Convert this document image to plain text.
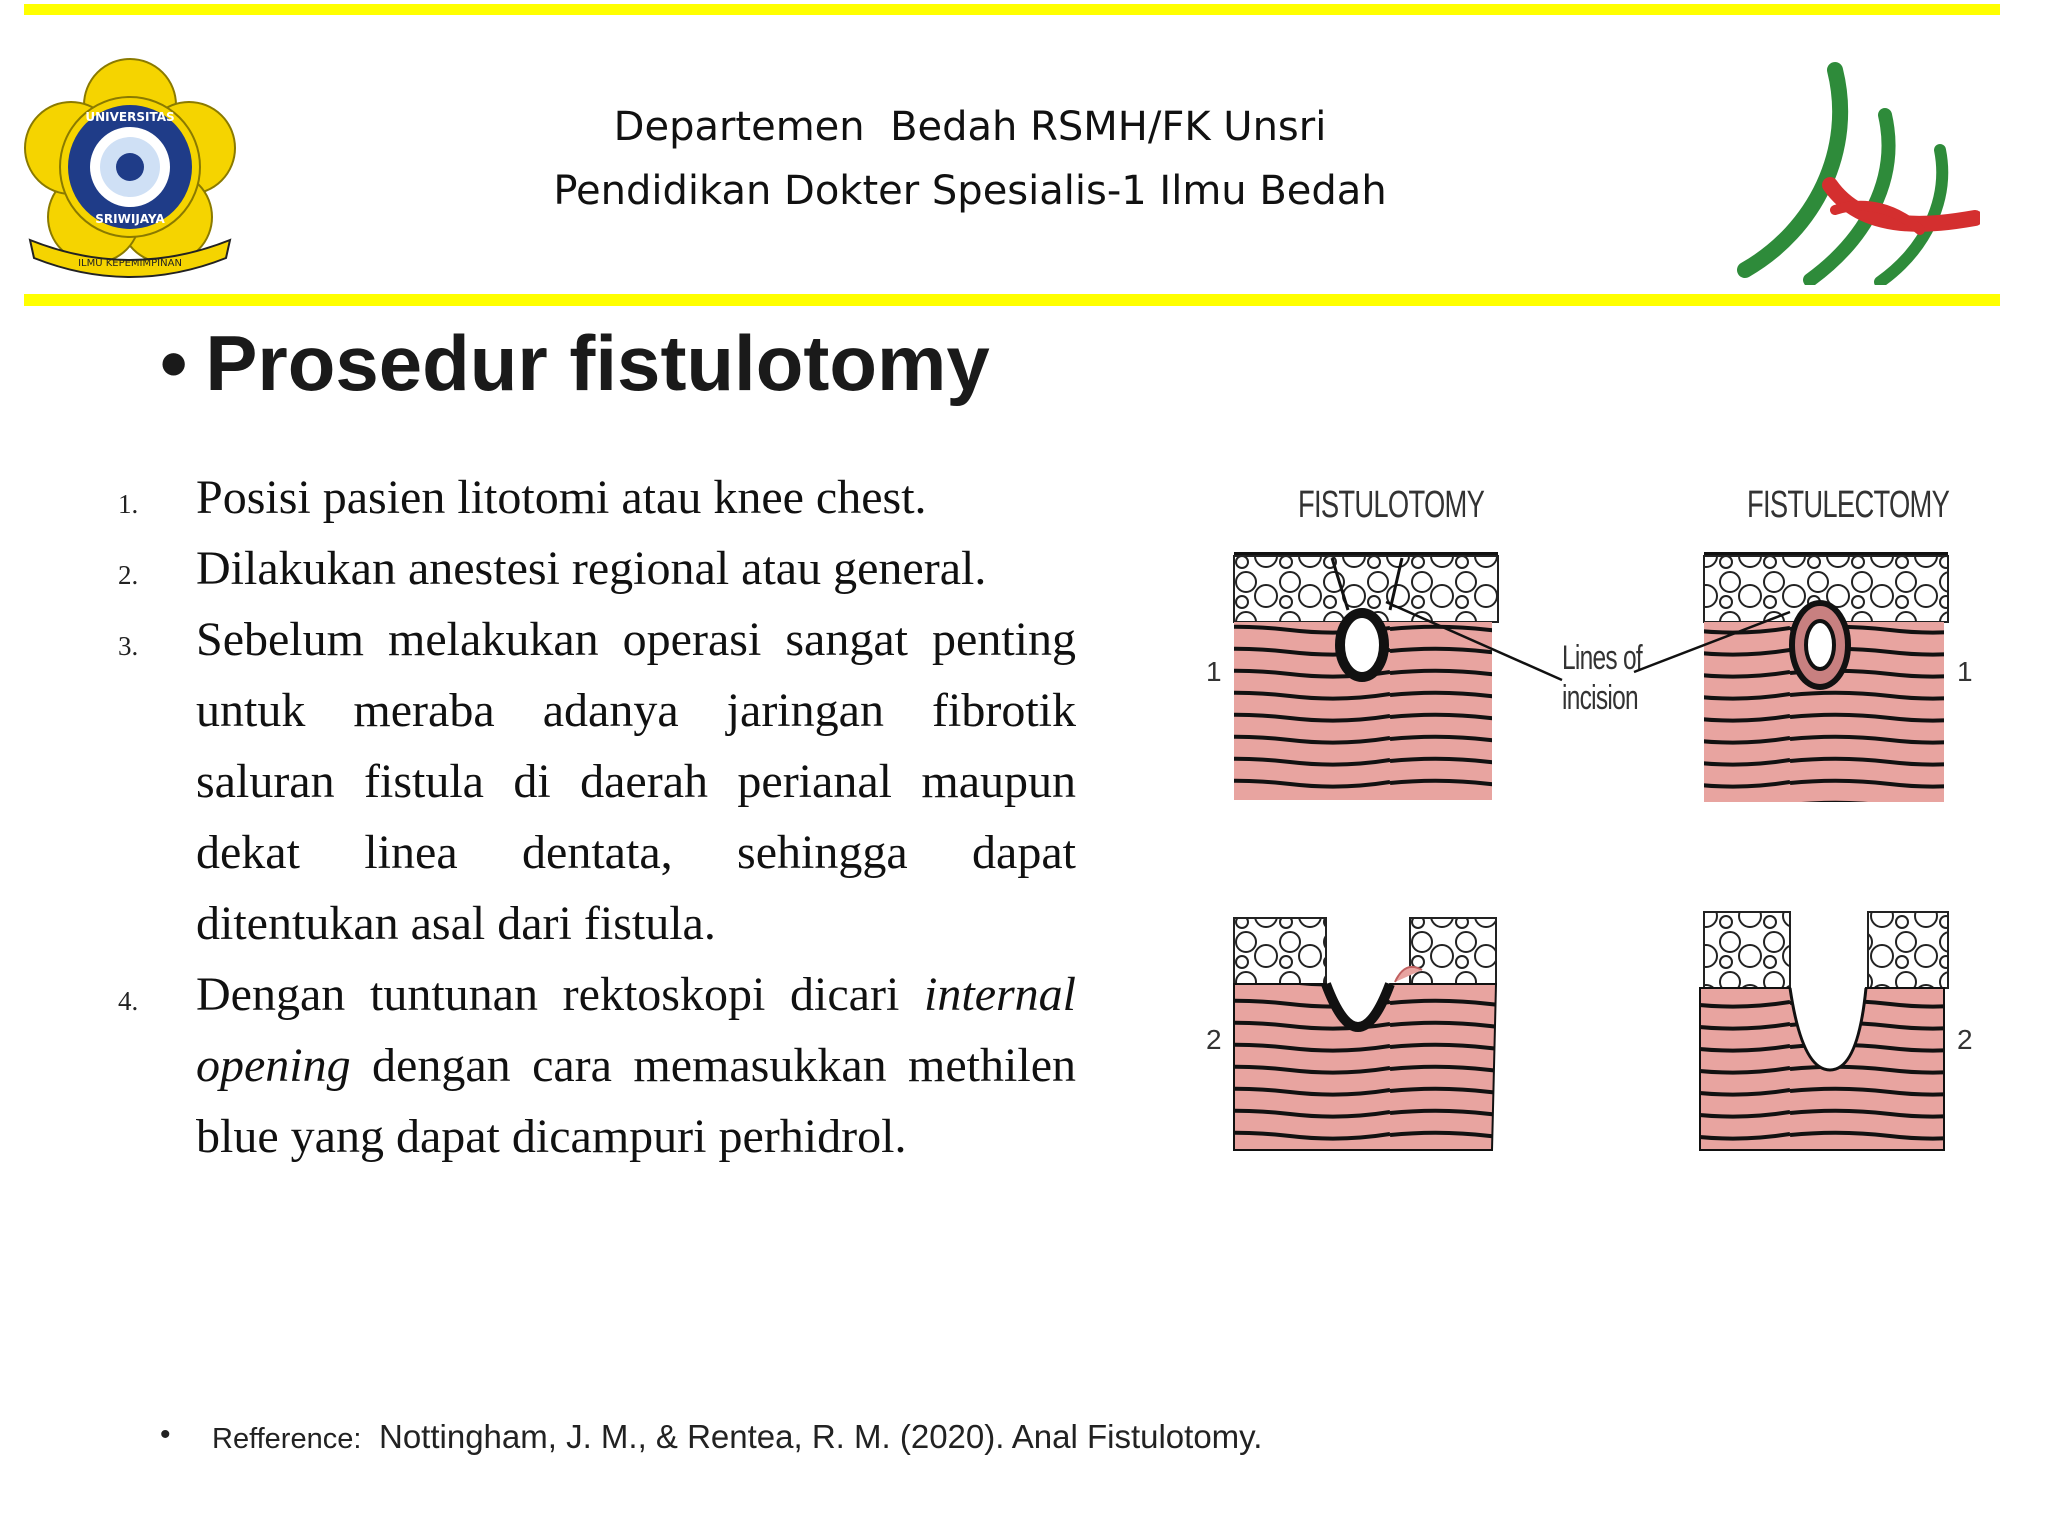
UNIVERSITAS
SRIWIJAYA
ILMU KEPEMIMPINAN
Departemen Bedah RSMH/FK Unsri
Pendidikan Dokter Spesialis-1 Ilmu Bedah
• Prosedur fistulotomy
1.	Posisi pasien litotomi atau knee chest.
2.	Dilakukan anestesi regional atau general.
3.	Sebelum melakukan operasi sangat penting untuk meraba adanya jaringan fibrotik saluran fistula di daerah perianal maupun dekat linea dentata, sehingga dapat ditentukan asal dari fistula.
4.	Dengan tuntunan rektoskopi dicari internal opening dengan cara memasukkan methilen blue yang dapat dicampuri perhidrol.
FISTULOTOMY	FISTULECTOMY
Lines of
incision
1	1
2	2
• Refference: Nottingham, J. M., & Rentea, R. M. (2020). Anal Fistulotomy.
